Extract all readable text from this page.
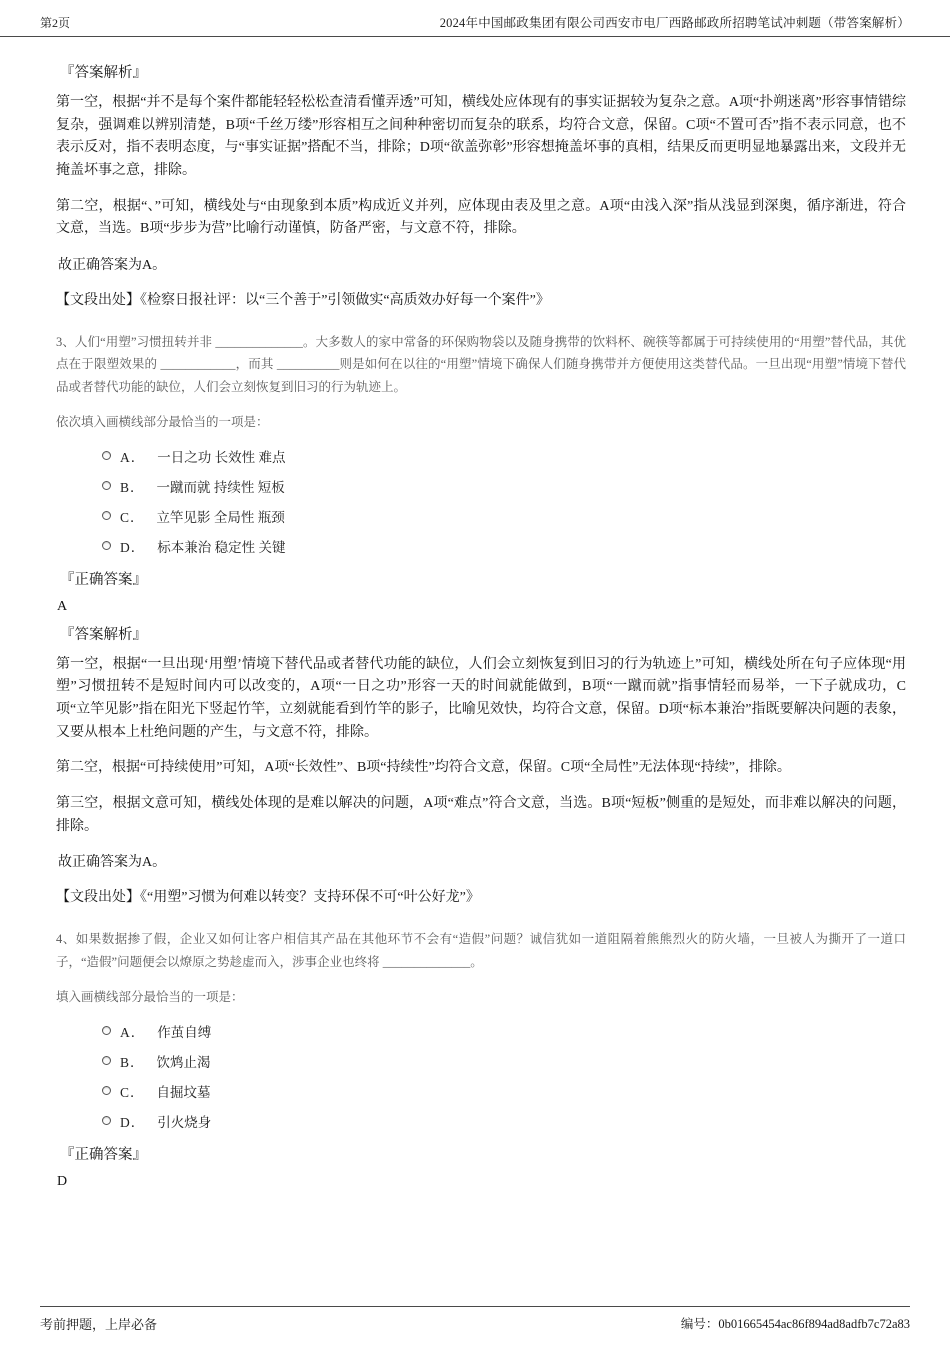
第2页	2024年中国邮政集团有限公司西安市电厂西路邮政所招聘笔试冲刺题（带答案解析）
『答案解析』

第一空，根据“并不是每个案件都能轻轻松松查清看懂弄透”可知，横线处应体现有的事实证据较为复杂之意。A项“扑朔迷离”形容事情错综复杂，强调难以辨别清楚，B项“千丝万缕”形容相互之间种种密切而复杂的联系，均符合文意，保留。C项“不置可否”指不表示同意，也不表示反对，指不表明态度，与“事实证据”搭配不当，排除；D项“欲盖弥彰”形容想掩盖坏事的真相，结果反而更明显地暴露出来，文段并无掩盖坏事之意，排除。

第二空，根据“、”可知，横线处与“由现象到本质”构成近义并列，应体现由表及里之意。A项“由浅入深”指从浅显到深奥，循序渐进，符合文意，当选。B项“步步为营”比喻行动谨慎，防备严密，与文意不符，排除。

故正确答案为A。

【文段出处】《检察日报社评：以“三个善于”引领做实“高质效办好每一个案件”》

3、人们“用塑”习惯扭转并非 ______________。大多数人的家中常备的环保购物袋以及随身携带的饮料杯、碗筷等都属于可持续使用的“用塑”替代品，其优点在于限塑效果的 ____________，而其 __________则是如何在以往的“用塑”情境下确保人们随身携带并方便使用这类替代品。一旦出现“用塑”情境下替代品或者替代功能的缺位，人们会立刻恢复到旧习的行为轨迹上。

依次填入画横线部分最恰当的一项是：

A． 一日之功 长效性 难点
B． 一蹴而就 持续性 短板
C． 立竿见影 全局性 瓶颈
D． 标本兼治 稳定性 关键
『正确答案』
A
『答案解析』

第一空，根据“一旦出现‘用塑’情境下替代品或者替代功能的缺位，人们会立刻恢复到旧习的行为轨迹上”可知，横线处所在句子应体现“用塑”习惯扭转不是短时间内可以改变的，A项“一日之功”形容一天的时间就能做到，B项“一蹴而就”指事情轻而易举，一下子就成功，C项“立竿见影”指在阳光下竖起竹竿，立刻就能看到竹竿的影子，比喻见效快，均符合文意，保留。D项“标本兼治”指既要解决问题的表象，又要从根本上杜绝问题的产生，与文意不符，排除。

第二空，根据“可持续使用”可知，A项“长效性”、B项“持续性”均符合文意，保留。C项“全局性”无法体现“持续”，排除。

第三空，根据文意可知，横线处体现的是难以解决的问题，A项“难点”符合文意，当选。B项“短板”侧重的是短处，而非难以解决的问题，排除。

故正确答案为A。

【文段出处】《“用塑”习惯为何难以转变？支持环保不可“叶公好龙”》

4、如果数据掺了假，企业又如何让客户相信其产品在其他环节不会有“造假”问题？诚信犹如一道阻隔着熊熊烈火的防火墙，一旦被人为撕开了一道口子，“造假”问题便会以燎原之势趁虚而入，涉事企业也终将 ______________。

填入画横线部分最恰当的一项是：

A． 作茧自缚
B． 饮鸩止渴
C． 自掘坟墓
D． 引火烧身
『正确答案』
D
考前押题，上岸必备	编号：0b01665454ac86f894ad8adfb7c72a83
